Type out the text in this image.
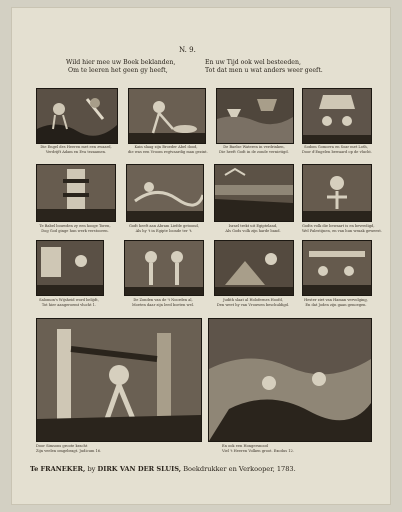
N. 9.
Wild hier mee uw Boek beklanden,
Om te leeren het geen gy heeft,
En uw Tijd ook wel besteeden,
Tot dat men u wat anders weer geeft.
Die Engel des Heeren met een zwaard,
Verdrijft Adam en Eva tezaamen.
Kain slaag zijn Broeder Abel dood,
die was een Vroom regtvaardig man gezint.
De Baelse Wateren in verdrinken,
Die heeft Godt in de zonde vernietigd.
Sodom Gomorra en Soar met Loth,
Door d'Engelen bewaard op de vlucht.
Te Babel bouwden zy een hooge Toren,
Dog God ginge hun werk verstooren.
Godt heeft aan Abram Liefde getoond,
Als hy 't in Egipte loonde ter 't.
Israel trekt uit Egipteland,
Als Gods volk zijn harde band.
Godts volk die bewaart is en bevredigd,
Wel Palestijnen, en van hun wraak geweest.
Salomon's Wijsheid word belijdt,
Tot hier aangeroemt vlucht 1.
De Zonden van de 't Noorden al,
Moeten daar zijn leed boeten wel.
Judith slaat al Holofernes Hoofd,
Den weet hy van Vrouwen beschuldigd.
Hester ziet van Haman vervolging,
En dat Joden zijn gaan genoegen.
Door Simsons groote kracht
Zijn veelen omgebragt. Judicum 16.
En ook een Hongersnood
Viel 't Heeren Volken groot. Exodus 12.
Te FRANEKER, by DIRK VAN DER SLUIS, Boekdrukker en Verkooper, 1783.
